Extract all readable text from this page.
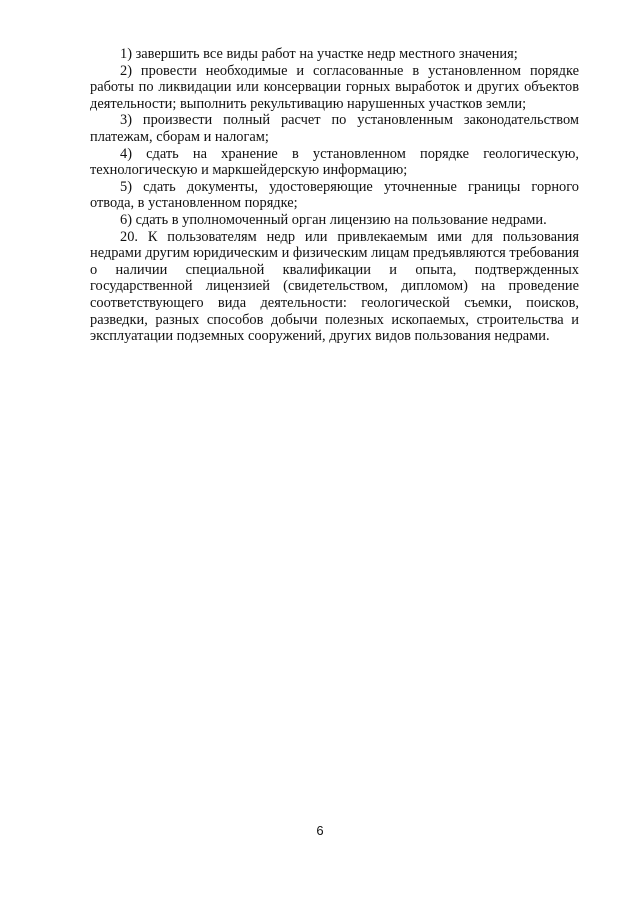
1) завершить все виды работ на участке недр местного значения;

2) провести необходимые и согласованные в установленном порядке работы по ликвидации или консервации горных выработок и других объектов деятельности; выполнить рекультивацию нарушенных участков земли;

3) произвести полный расчет по установленным законодательством платежам, сборам и налогам;

4) сдать на хранение в установленном порядке геологическую, технологическую и маркшейдерскую информацию;

5) сдать документы, удостоверяющие уточненные границы горного отвода, в установленном порядке;

6) сдать в уполномоченный орган лицензию на пользование недрами.

20. К пользователям недр или привлекаемым ими для пользования недрами другим юридическим и физическим лицам предъявляются требования о наличии специальной квалификации и опыта, подтвержденных государственной лицензией (свидетельством, дипломом) на проведение соответствующего вида деятельности: геологической съемки, поисков, разведки, разных способов добычи полезных ископаемых, строительства и эксплуатации подземных сооружений, других видов пользования недрами.

6
